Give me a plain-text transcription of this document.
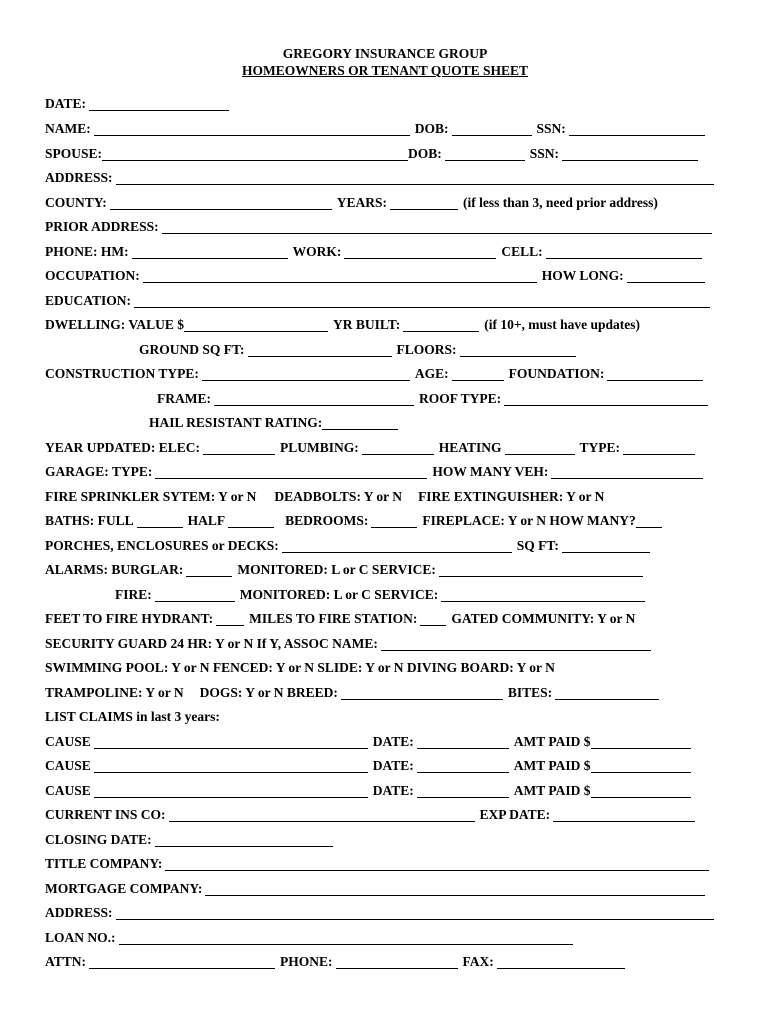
GREGORY INSURANCE GROUP
HOMEOWNERS OR TENANT QUOTE SHEET
DATE:
NAME:	DOB:	SSN:
SPOUSE:	DOB:	SSN:
ADDRESS:
COUNTY:	YEARS:	(if less than 3, need prior address)
PRIOR ADDRESS:
PHONE: HM:	WORK:	CELL:
OCCUPATION:	HOW LONG:
EDUCATION:
DWELLING: VALUE $	YR BUILT:	(if 10+, must have updates)
GROUND SQ FT:	FLOORS:
CONSTRUCTION TYPE:	AGE:	FOUNDATION:
FRAME:	ROOF TYPE:
HAIL RESISTANT RATING:
YEAR UPDATED: ELEC:	PLUMBING:	HEATING	TYPE:
GARAGE: TYPE:	HOW MANY VEH:
FIRE SPRINKLER SYTEM: Y or N DEADBOLTS: Y or N FIRE EXTINGUISHER: Y or N
BATHS: FULL	HALF	BEDROOMS:	FIREPLACE: Y or N HOW MANY?
PORCHES, ENCLOSURES or DECKS:	SQ FT:
ALARMS: BURGLAR:	MONITORED: L or C SERVICE:
FIRE:	MONITORED: L or C SERVICE:
FEET TO FIRE HYDRANT:	MILES TO FIRE STATION:	GATED COMMUNITY: Y or N
SECURITY GUARD 24 HR: Y or N If Y, ASSOC NAME:
SWIMMING POOL: Y or N FENCED: Y or N SLIDE: Y or N DIVING BOARD: Y or N
TRAMPOLINE: Y or N DOGS: Y or N BREED:	BITES:
LIST CLAIMS in last 3 years:
CAUSE	DATE:	AMT PAID $
CAUSE	DATE:	AMT PAID $
CAUSE	DATE:	AMT PAID $
CURRENT INS CO:	EXP DATE:
CLOSING DATE:
TITLE COMPANY:
MORTGAGE COMPANY:
ADDRESS:
LOAN NO.:
ATTN:	PHONE:	FAX:
